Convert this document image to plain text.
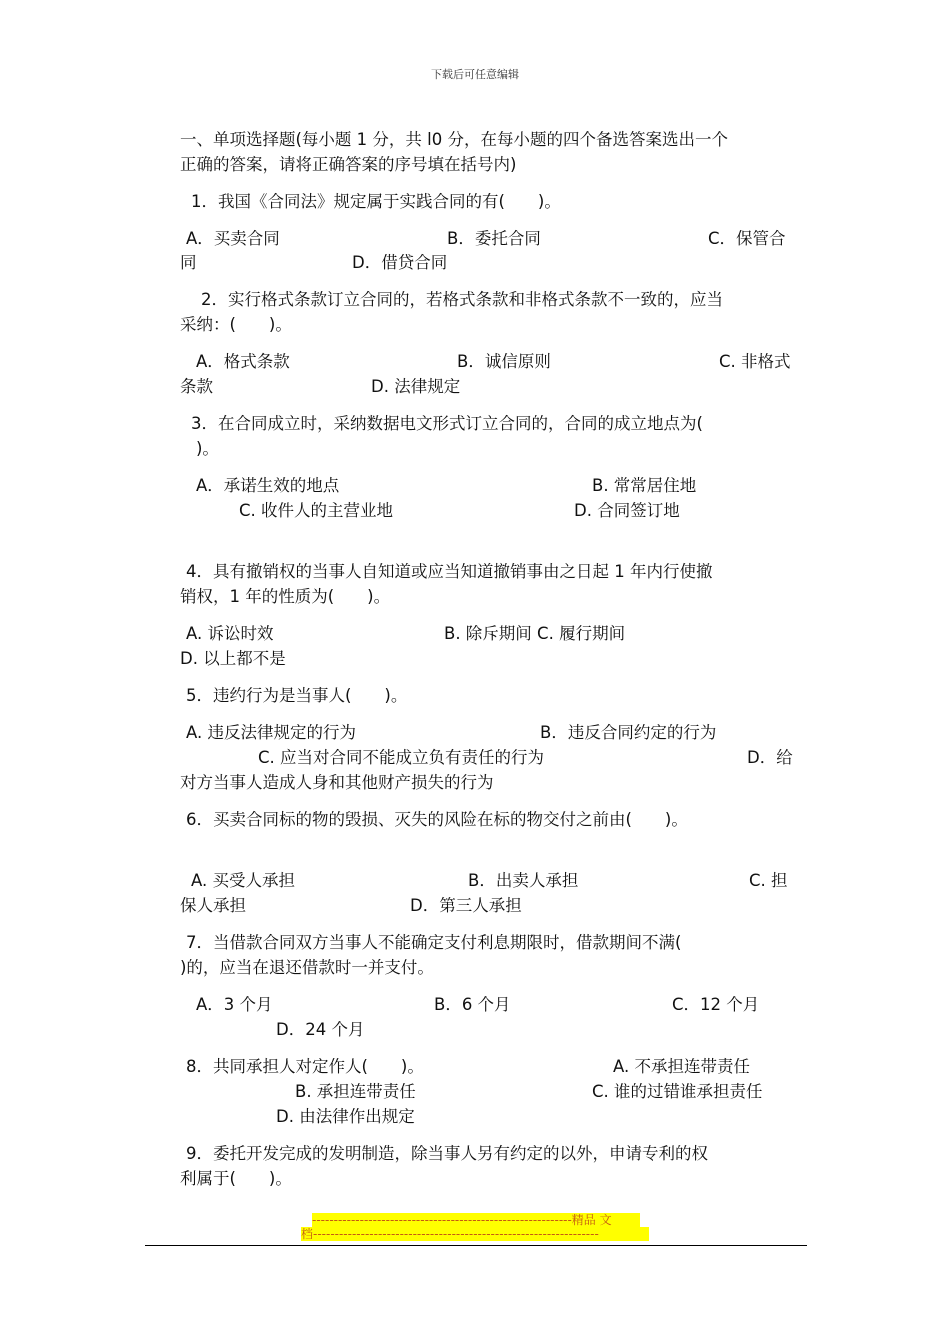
下载后可任意编辑
一、单项选择题(每小题 1 分，共 l0 分，在每小题的四个备选答案选出一个
正确的答案，请将正确答案的序号填在括号内)
1．我国《合同法》规定属于实践合同的有(　　)。
A．买卖合同	B．委托合同	C．保管合
同	D．借贷合同
2．实行格式条款订立合同的，若格式条款和非格式条款不一致的，应当
采纳：(　　)。
A．格式条款	B．诚信原则	C. 非格式
条款	D. 法律规定
3．在合同成立时，采纳数据电文形式订立合同的，合同的成立地点为(
)。
A．承诺生效的地点	B. 常常居住地
C. 收件人的主营业地	D. 合同签订地
4．具有撤销权的当事人自知道或应当知道撤销事由之日起 1 年内行使撤
销权，1 年的性质为(　　)。
A. 诉讼时效	B. 除斥期间 C. 履行期间
D. 以上都不是
5．违约行为是当事人(　　)。
A. 违反法律规定的行为	B．违反合同约定的行为
C. 应当对合同不能成立负有责任的行为	D．给
对方当事人造成人身和其他财产损失的行为
6．买卖合同标的物的毁损、灭失的风险在标的物交付之前由(　　)。
A. 买受人承担	B．出卖人承担	C. 担
保人承担	D．第三人承担
7．当借款合同双方当事人不能确定支付利息期限时，借款期间不满(
)的，应当在退还借款时一并支付。
A．3 个月	B．6 个月	C．12 个月
D．24 个月
8．共同承担人对定作人(　　)。	A. 不承担连带责任
B. 承担连带责任	C. 谁的过错谁承担责任
D. 由法律作出规定
9．委托开发完成的发明制造，除当事人另有约定的以外，申请专利的权
利属于(　　)。
------------------------------------------------------------精品 文
档------------------------------------------------------------------
